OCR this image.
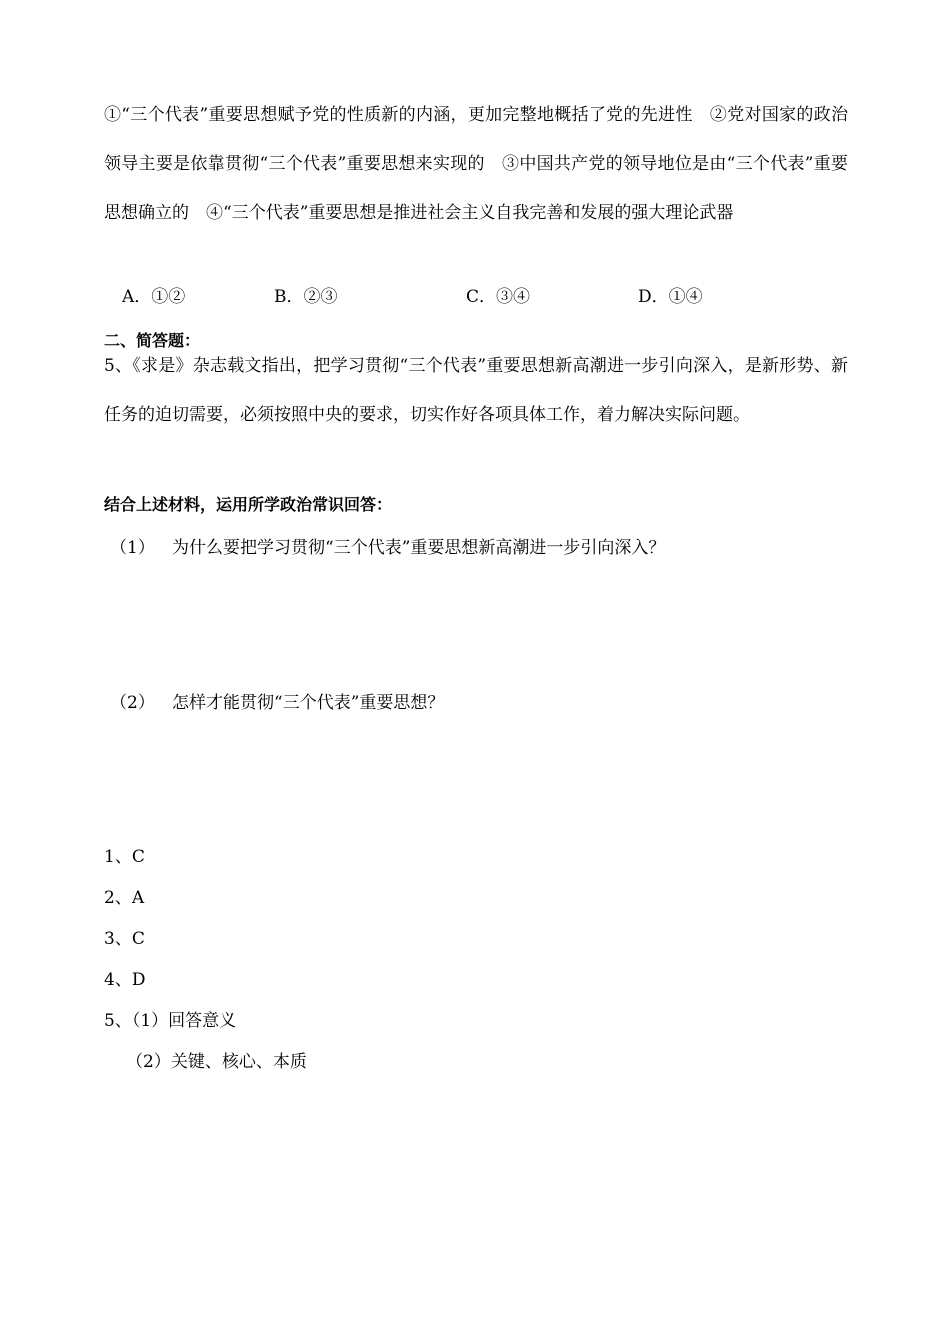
①“三个代表”重要思想赋予党的性质新的内涵，更加完整地概括了党的先进性　②党对国家的政治领导主要是依靠贯彻“三个代表”重要思想来实现的　③中国共产党的领导地位是由“三个代表”重要思想确立的　④“三个代表”重要思想是推进社会主义自我完善和发展的强大理论武器
A．①②	B．②③	C．③④	D．①④
二、简答题：
5、《求是》杂志载文指出，把学习贯彻“三个代表”重要思想新高潮进一步引向深入，是新形势、新任务的迫切需要，必须按照中央的要求，切实作好各项具体工作，着力解决实际问题。
结合上述材料，运用所学政治常识回答：
（1） 为什么要把学习贯彻“三个代表”重要思想新高潮进一步引向深入？
（2） 怎样才能贯彻“三个代表”重要思想？
1、C
2、A
3、C
4、D
5、（1）回答意义
（2）关键、核心、本质
